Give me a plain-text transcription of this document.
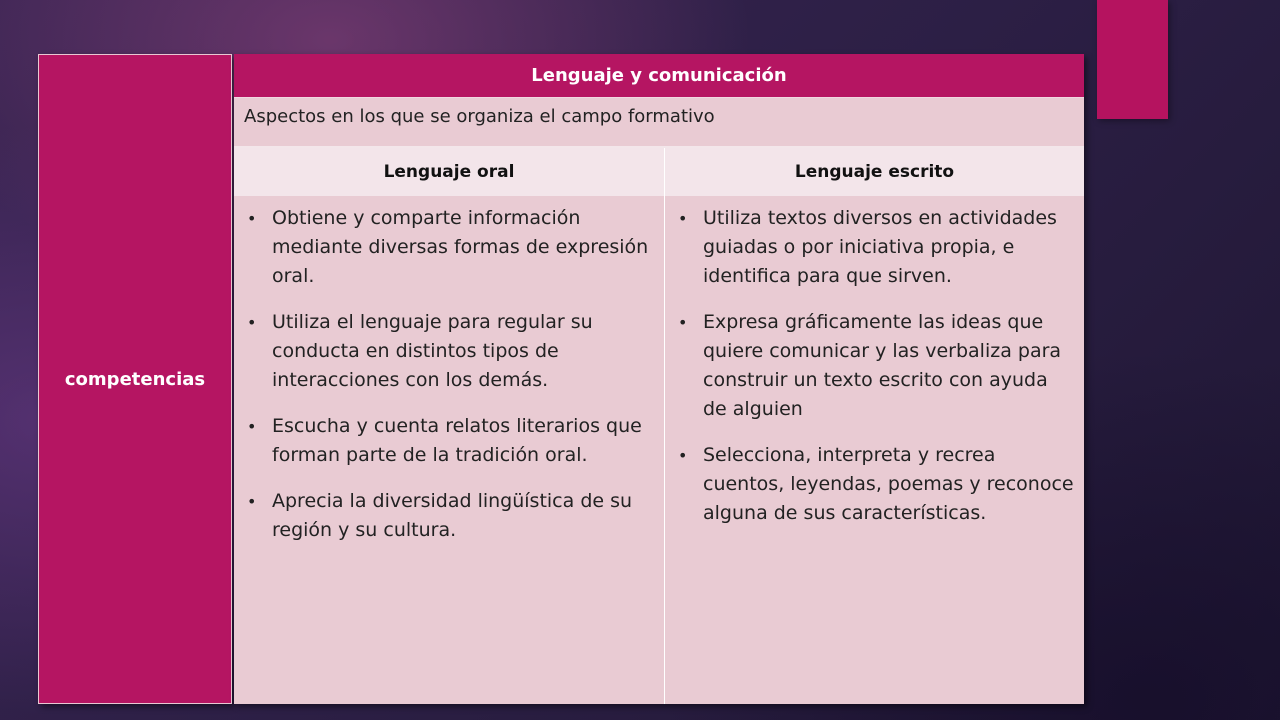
competencias
Lenguaje y comunicación
Aspectos en los que se organiza el campo formativo
Lenguaje oral	Lenguaje escrito
• Obtiene y comparte información mediante diversas formas de expresión oral.
• Utiliza el lenguaje para regular su conducta en distintos tipos de interacciones con los demás.
• Escucha y cuenta relatos literarios que forman parte de la tradición oral.
• Aprecia la diversidad lingüística de su región y su cultura.
• Utiliza textos diversos en actividades guiadas o por iniciativa propia, e identifica para que sirven.
• Expresa gráficamente las ideas que quiere comunicar y las verbaliza para construir un texto escrito con ayuda de alguien
• Selecciona, interpreta y recrea cuentos, leyendas, poemas y reconoce alguna de sus características.
